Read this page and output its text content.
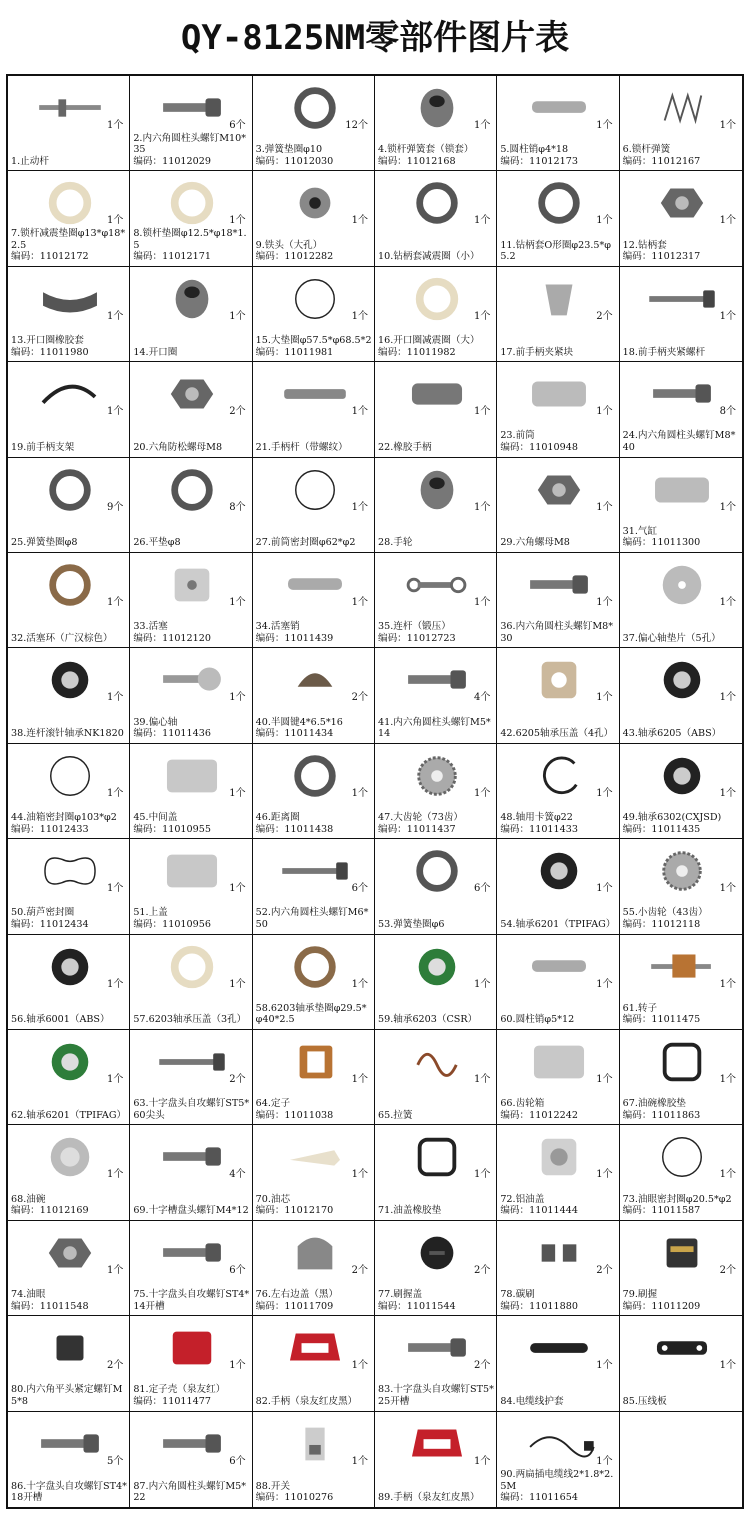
QY-8125NM零部件图片表
1个
1.止动杆
6个
2.内六角圆柱头螺钉M10*35
编码：11012029
12个
3.弹簧垫圈φ10
编码：11012030
1个
4.锁杆弹簧套（锁套）
编码：11012168
1个
5.圆柱销φ4*18
编码：11012173
1个
6.锁杆弹簧
编码：11012167
1个
7.锁杆减震垫圈φ13*φ18*2.5
编码：11012172
1个
8.锁杆垫圈φ12.5*φ18*1.5
编码：11012171
1个
9.铁头（大孔）
编码：11012282
1个
10.钻柄套减震圈（小）
1个
11.钻柄套O形圈φ23.5*φ5.2
1个
12.钻柄套
编码：11012317
1个
13.开口圈橡胶套
编码：11011980
1个
14.开口圈
1个
15.大垫圈φ57.5*φ68.5*2
编码：11011981
1个
16.开口圈减震圈（大）
编码：11011982
2个
17.前手柄夹紧块
1个
18.前手柄夹紧螺杆
1个
19.前手柄支架
2个
20.六角防松螺母M8
1个
21.手柄杆（带螺纹）
1个
22.橡胶手柄
1个
23.前筒
编码：11010948
8个
24.内六角圆柱头螺钉M8*40
9个
25.弹簧垫圈φ8
8个
26.平垫φ8
1个
27.前筒密封圈φ62*φ2
1个
28.手轮
1个
29.六角螺母M8
1个
31.气缸
编码：11011300
1个
32.活塞环（广汉棕色）
1个
33.活塞
编码：11012120
1个
34.活塞销
编码：11011439
1个
35.连杆（锻压）
编码：11012723
1个
36.内六角圆柱头螺钉M8*30
1个
37.偏心轴垫片（5孔）
1个
38.连杆滚针轴承NK1820
1个
39.偏心轴
编码：11011436
2个
40.半圆键4*6.5*16
编码：11011434
4个
41.内六角圆柱头螺钉M5*14
1个
42.6205轴承压盖（4孔）
1个
43.轴承6205（ABS）
1个
44.油箱密封圈φ103*φ2
编码：11012433
1个
45.中间盖
编码：11010955
1个
46.距离圈
编码：11011438
1个
47.大齿轮（73齿）
编码：11011437
1个
48.轴用卡簧φ22
编码：11011433
1个
49.轴承6302(CXJSD)
编码：11011435
1个
50.葫芦密封圈
编码：11012434
1个
51.上盖
编码：11010956
6个
52.内六角圆柱头螺钉M6*50
6个
53.弹簧垫圈φ6
1个
54.轴承6201（TPIFAG）
1个
55.小齿轮（43齿）
编码：11012118
1个
56.轴承6001（ABS）
1个
57.6203轴承压盖（3孔）
1个
58.6203轴承垫圈φ29.5*φ40*2.5
1个
59.轴承6203（CSR）
1个
60.圆柱销φ5*12
1个
61.转子
编码：11011475
1个
62.轴承6201（TPIFAG）
2个
63.十字盘头自攻螺钉ST5*60尖头
1个
64.定子
编码：11011038
1个
65.拉簧
1个
66.齿轮箱
编码：11012242
1个
67.油碗橡胶垫
编码：11011863
1个
68.油碗
编码：11012169
4个
69.十字槽盘头螺钉M4*12
1个
70.油芯
编码：11012170
1个
71.油盖橡胶垫
1个
72.铝油盖
编码：11011444
1个
73.油眼密封圈φ20.5*φ2
编码：11011587
1个
74.油眼
编码：11011548
6个
75.十字盘头自攻螺钉ST4*14开槽
2个
76.左右边盖（黑）
编码：11011709
2个
77.刷握盖
编码：11011544
2个
78.碳刷
编码：11011880
2个
79.刷握
编码：11011209
2个
80.内六角平头紧定螺钉M5*8
1个
81.定子壳（泉友红）
编码：11011477
1个
82.手柄（泉友红皮黑）
2个
83.十字盘头自攻螺钉ST5*25开槽
1个
84.电缆线护套
1个
85.压线板
5个
86.十字盘头自攻螺钉ST4*18开槽
6个
87.内六角圆柱头螺钉M5*22
1个
88.开关
编码：11010276
1个
89.手柄（泉友红皮黑）
1个
90.两扁插电缆线2*1.8*2.5M
编码：11011654
